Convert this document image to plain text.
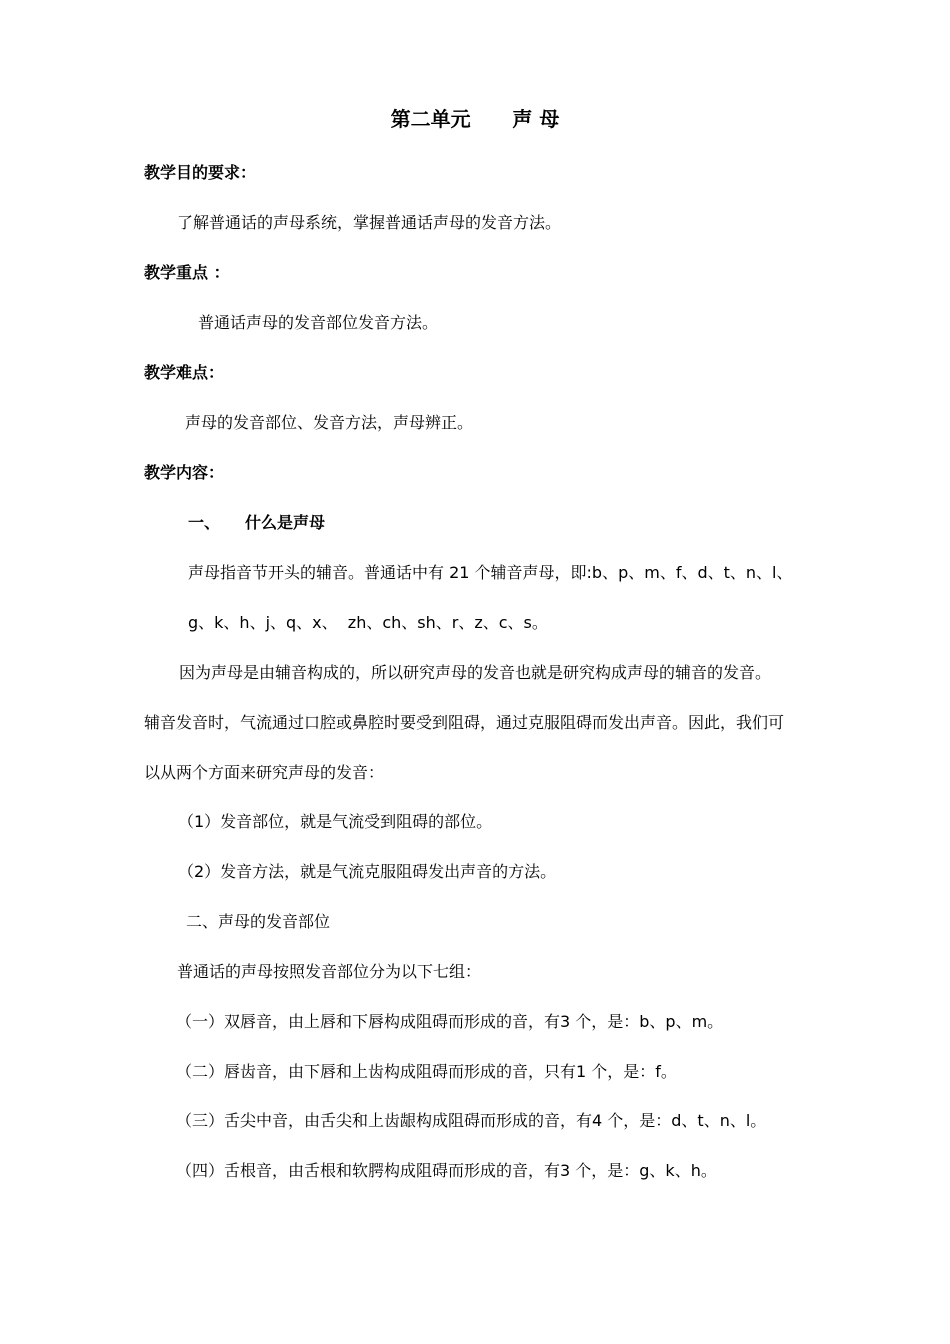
第二单元      声 母
教学目的要求：
了解普通话的声母系统，掌握普通话声母的发音方法。
教学重点 ：
普通话声母的发音部位发音方法。
教学难点：
声母的发音部位、发音方法，声母辨正。
教学内容：
一、 什么是声母
声母指音节开头的辅音。普通话中有 21 个辅音声母，即:b、p、m、f、d、t、n、l、
g、k、h、j、q、x、  zh、ch、sh、r、z、c、s。
因为声母是由辅音构成的，所以研究声母的发音也就是研究构成声母的辅音的发音。
辅音发音时，气流通过口腔或鼻腔时要受到阻碍，通过克服阻碍而发出声音。因此，我们可
以从两个方面来研究声母的发音：
（1）发音部位，就是气流受到阻碍的部位。
（2）发音方法，就是气流克服阻碍发出声音的方法。
二、声母的发音部位
普通话的声母按照发音部位分为以下七组：
（一）双唇音，由上唇和下唇构成阻碍而形成的音，有3 个，是：b、p、m。
（二）唇齿音，由下唇和上齿构成阻碍而形成的音，只有1 个，是：f。
（三）舌尖中音，由舌尖和上齿龈构成阻碍而形成的音，有4 个，是：d、t、n、l。
（四）舌根音，由舌根和软腭构成阻碍而形成的音，有3 个，是：g、k、h。
